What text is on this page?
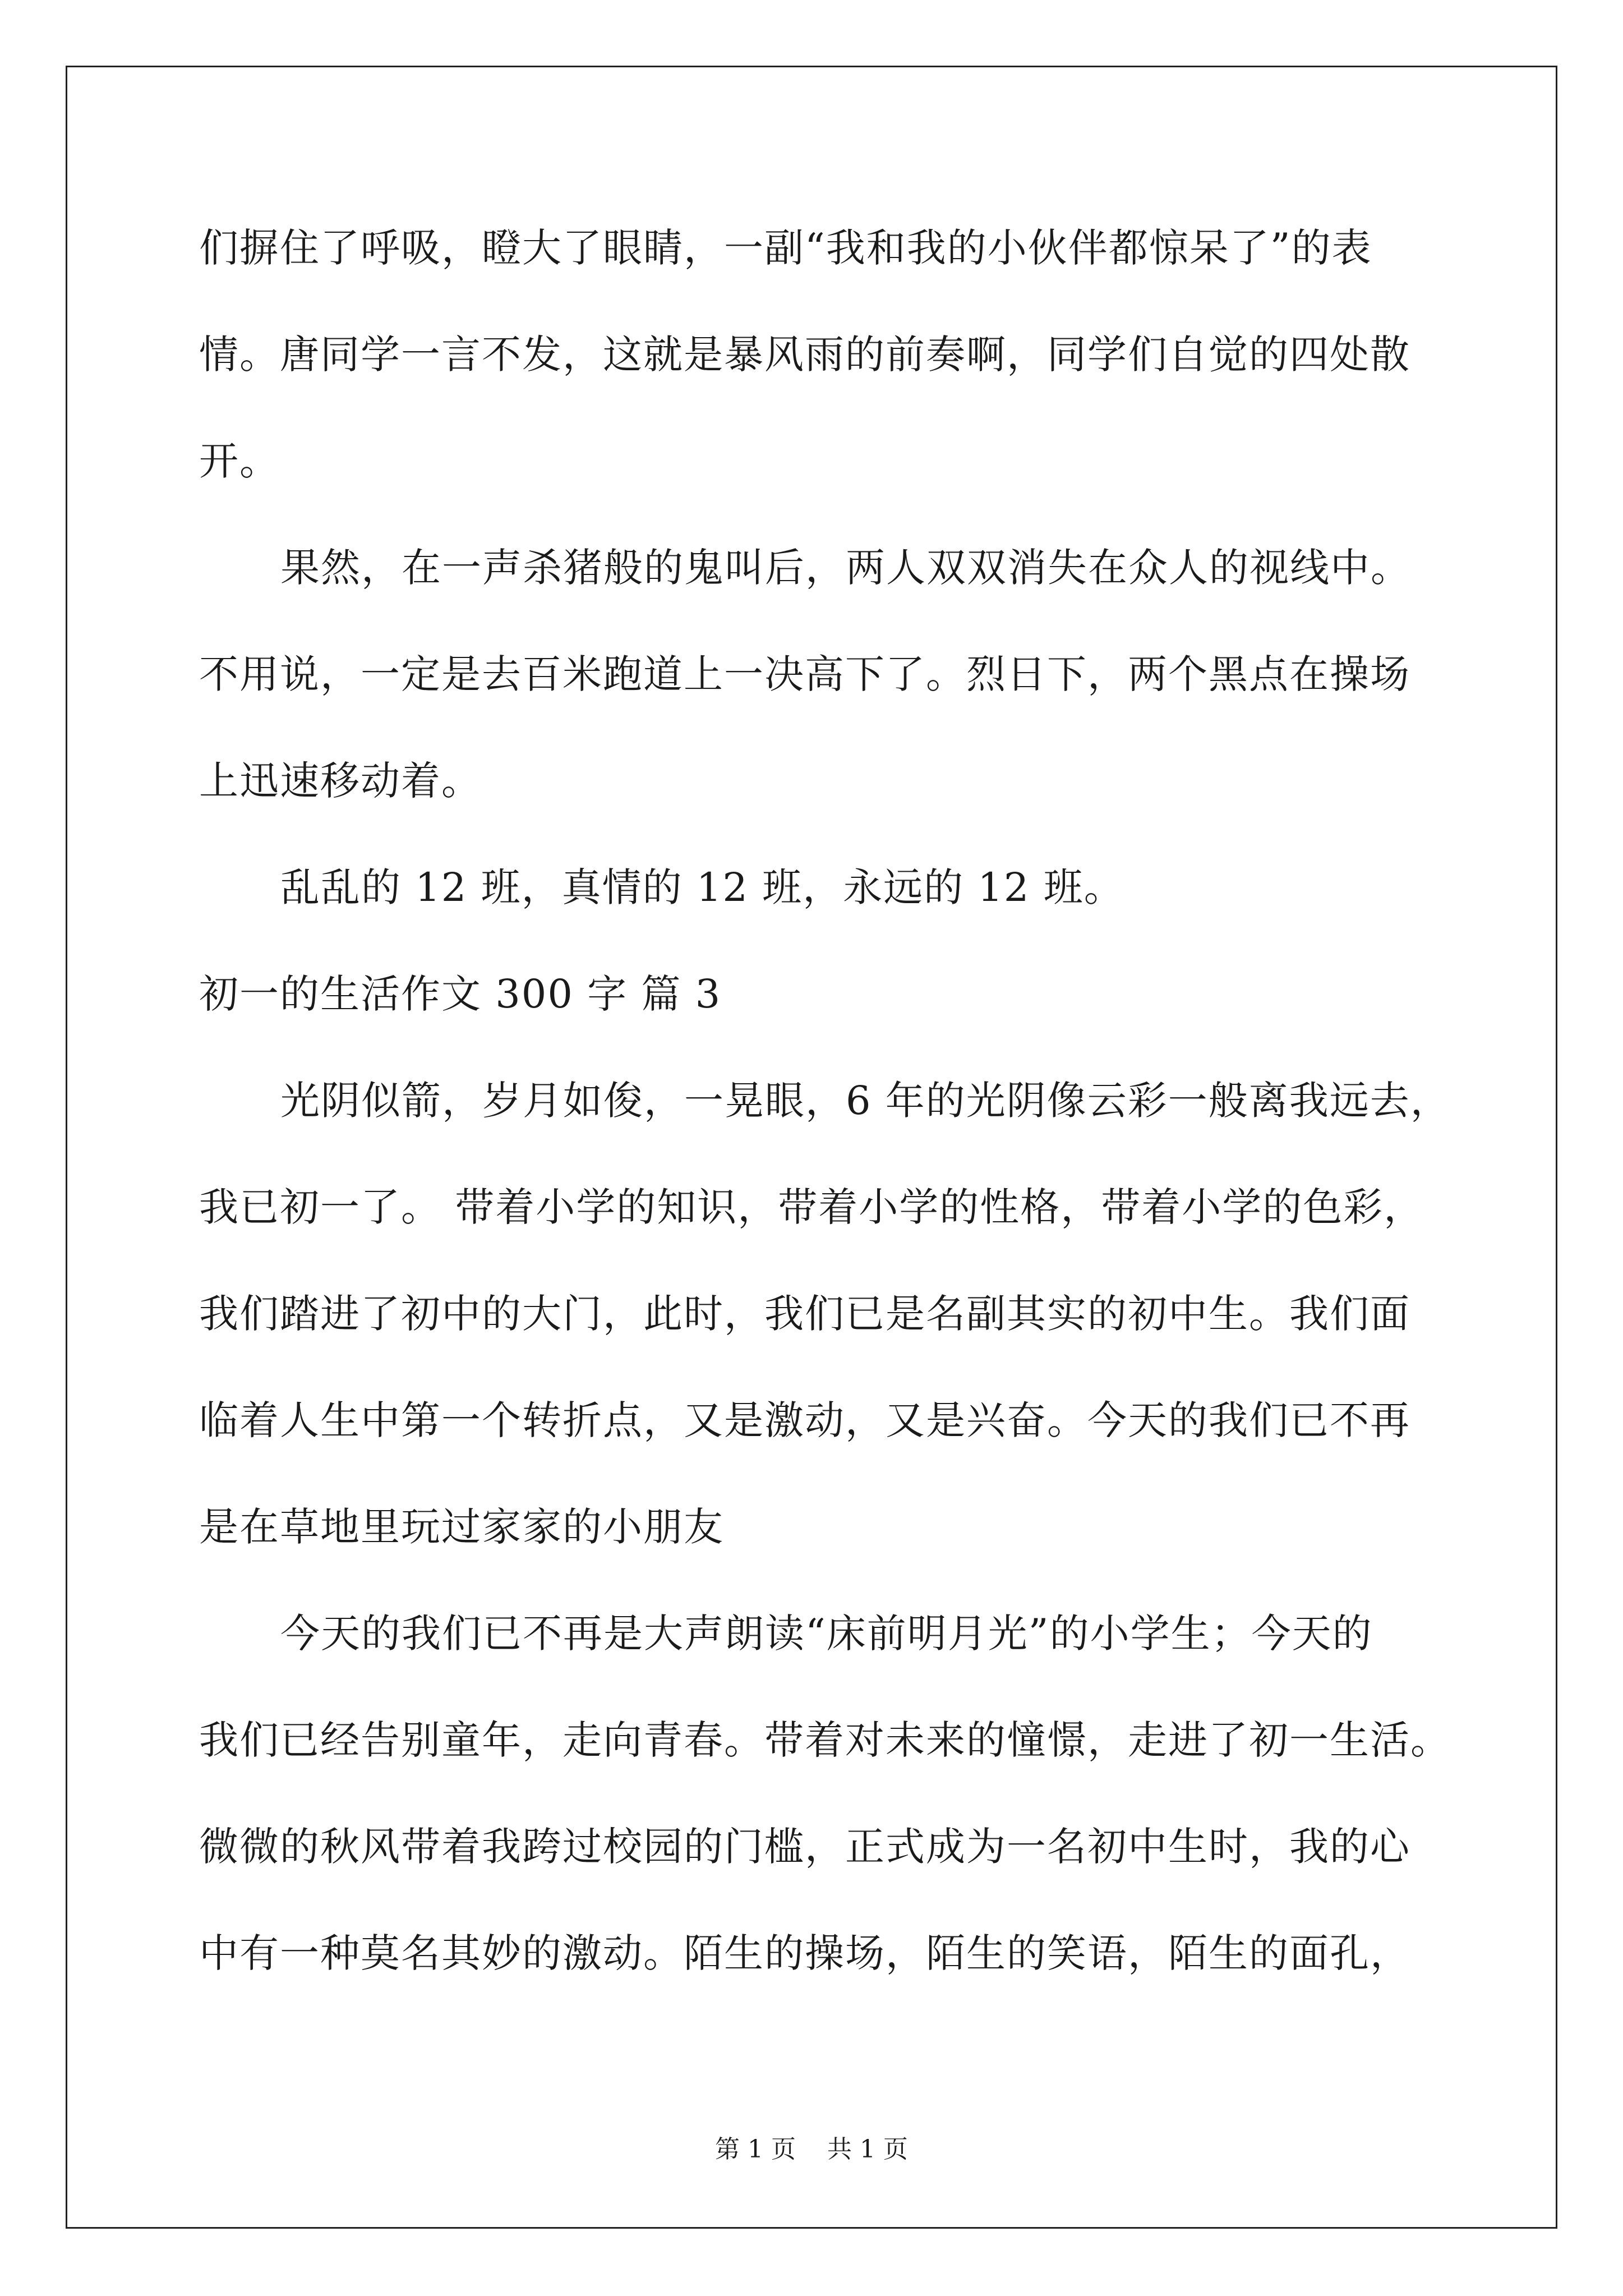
们摒住了呼吸，瞪大了眼睛，一副“我和我的小伙伴都惊呆了”的表
情。唐同学一言不发，这就是暴风雨的前奏啊，同学们自觉的四处散
开。
果然，在一声杀猪般的鬼叫后，两人双双消失在众人的视线中。
不用说，一定是去百米跑道上一决高下了。烈日下，两个黑点在操场
上迅速移动着。
乱乱的 12 班，真情的 12 班，永远的 12 班。
初一的生活作文 300 字 篇 3
光阴似箭，岁月如俊，一晃眼，6 年的光阴像云彩一般离我远去，
我已初一了。 带着小学的知识，带着小学的性格，带着小学的色彩，
我们踏进了初中的大门，此时，我们已是名副其实的初中生。我们面
临着人生中第一个转折点，又是激动，又是兴奋。今天的我们已不再
是在草地里玩过家家的小朋友
今天的我们已不再是大声朗读“床前明月光”的小学生；今天的
我们已经告别童年，走向青春。带着对未来的憧憬，走进了初一生活。
微微的秋风带着我跨过校园的门槛，正式成为一名初中生时，我的心
中有一种莫名其妙的激动。陌生的操场，陌生的笑语，陌生的面孔，
第 1 页    共 1 页
